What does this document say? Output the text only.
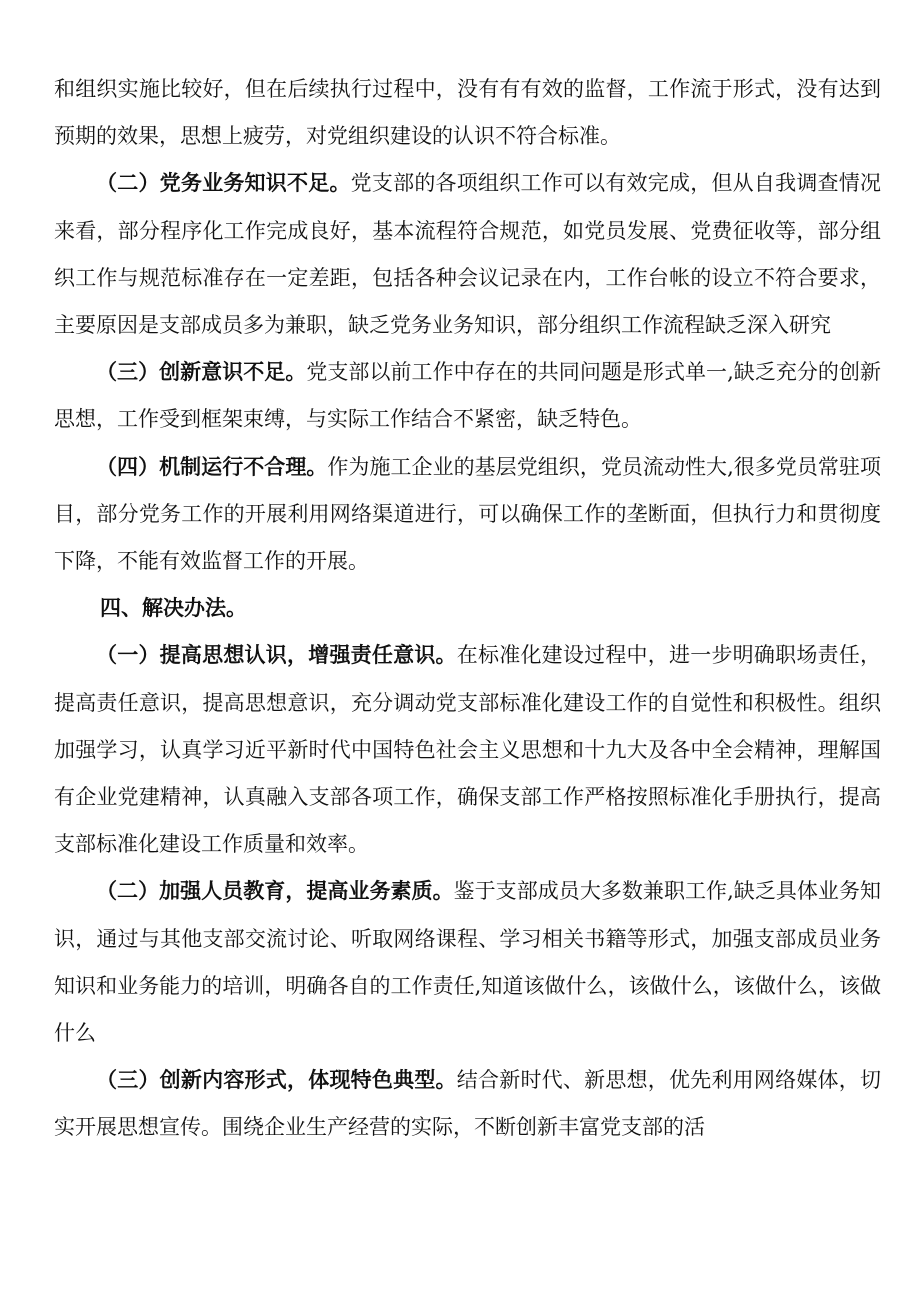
和组织实施比较好，但在后续执行过程中，没有有有效的监督，工作流于形式，没有达到预期的效果，思想上疲劳，对党组织建设的认识不符合标准。

（二）党务业务知识不足。党支部的各项组织工作可以有效完成，但从自我调查情况来看，部分程序化工作完成良好，基本流程符合规范，如党员发展、党费征收等，部分组织工作与规范标准存在一定差距，包括各种会议记录在内，工作台帐的设立不符合要求，主要原因是支部成员多为兼职，缺乏党务业务知识，部分组织工作流程缺乏深入研究

（三）创新意识不足。党支部以前工作中存在的共同问题是形式单一,缺乏充分的创新思想，工作受到框架束缚，与实际工作结合不紧密，缺乏特色。

（四）机制运行不合理。作为施工企业的基层党组织，党员流动性大,很多党员常驻项目，部分党务工作的开展利用网络渠道进行，可以确保工作的垄断面，但执行力和贯彻度下降，不能有效监督工作的开展。

四、解决办法。

（一）提高思想认识，增强责任意识。在标准化建设过程中，进一步明确职场责任，提高责任意识，提高思想意识，充分调动党支部标准化建设工作的自觉性和积极性。组织加强学习，认真学习近平新时代中国特色社会主义思想和十九大及各中全会精神，理解国有企业党建精神，认真融入支部各项工作，确保支部工作严格按照标准化手册执行，提高支部标准化建设工作质量和效率。

（二）加强人员教育，提高业务素质。鉴于支部成员大多数兼职工作,缺乏具体业务知识，通过与其他支部交流讨论、听取网络课程、学习相关书籍等形式，加强支部成员业务知识和业务能力的培训，明确各自的工作责任,知道该做什么，该做什么，该做什么，该做什么

（三）创新内容形式，体现特色典型。结合新时代、新思想，优先利用网络媒体，切实开展思想宣传。围绕企业生产经营的实际，不断创新丰富党支部的活
